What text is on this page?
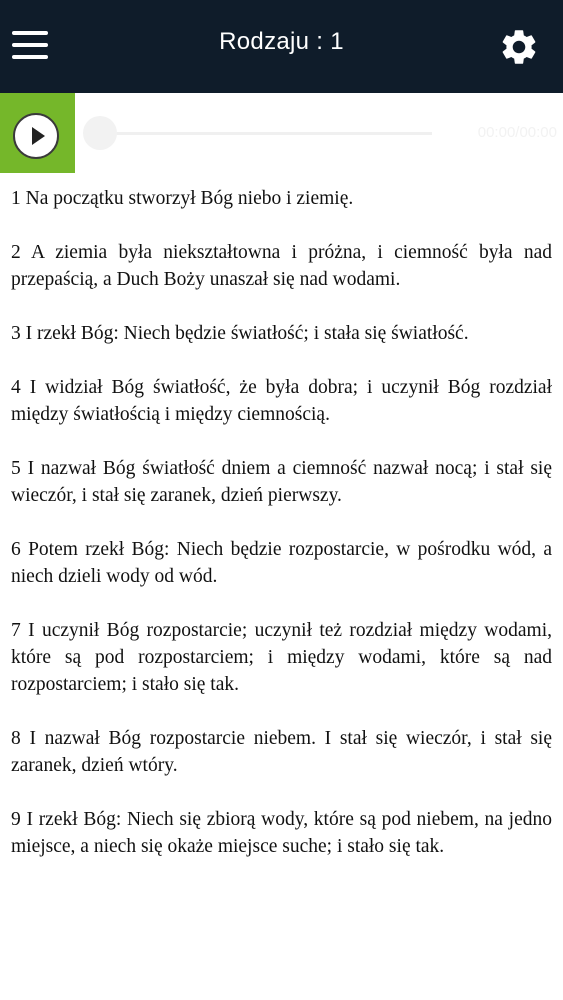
Rodzaju : 1
00:00/00:00

1 Na początku stworzył Bóg niebo i ziemię.

2 A ziemia była niekształtowna i próżna, i ciemność była nad przepaścią, a Duch Boży unaszał się nad wodami.

3 I rzekł Bóg: Niech będzie światłość; i stała się światłość.

4 I widział Bóg światłość, że była dobra; i uczynił Bóg rozdział między światłością i między ciemnością.

5 I nazwał Bóg światłość dniem a ciemność nazwał nocą; i stał się wieczór, i stał się zaranek, dzień pierwszy.

6 Potem rzekł Bóg: Niech będzie rozpostarcie, w pośrodku wód, a niech dzieli wody od wód.

7 I uczynił Bóg rozpostarcie; uczynił też rozdział między wodami, które są pod rozpostarciem; i między wodami, które są nad rozpostarciem; i stało się tak.

8 I nazwał Bóg rozpostarcie niebem. I stał się wieczór, i stał się zaranek, dzień wtóry.

9 I rzekł Bóg: Niech się zbiorą wody, które są pod niebem, na jedno miejsce, a niech się okaże miejsce suche; i stało się tak.
